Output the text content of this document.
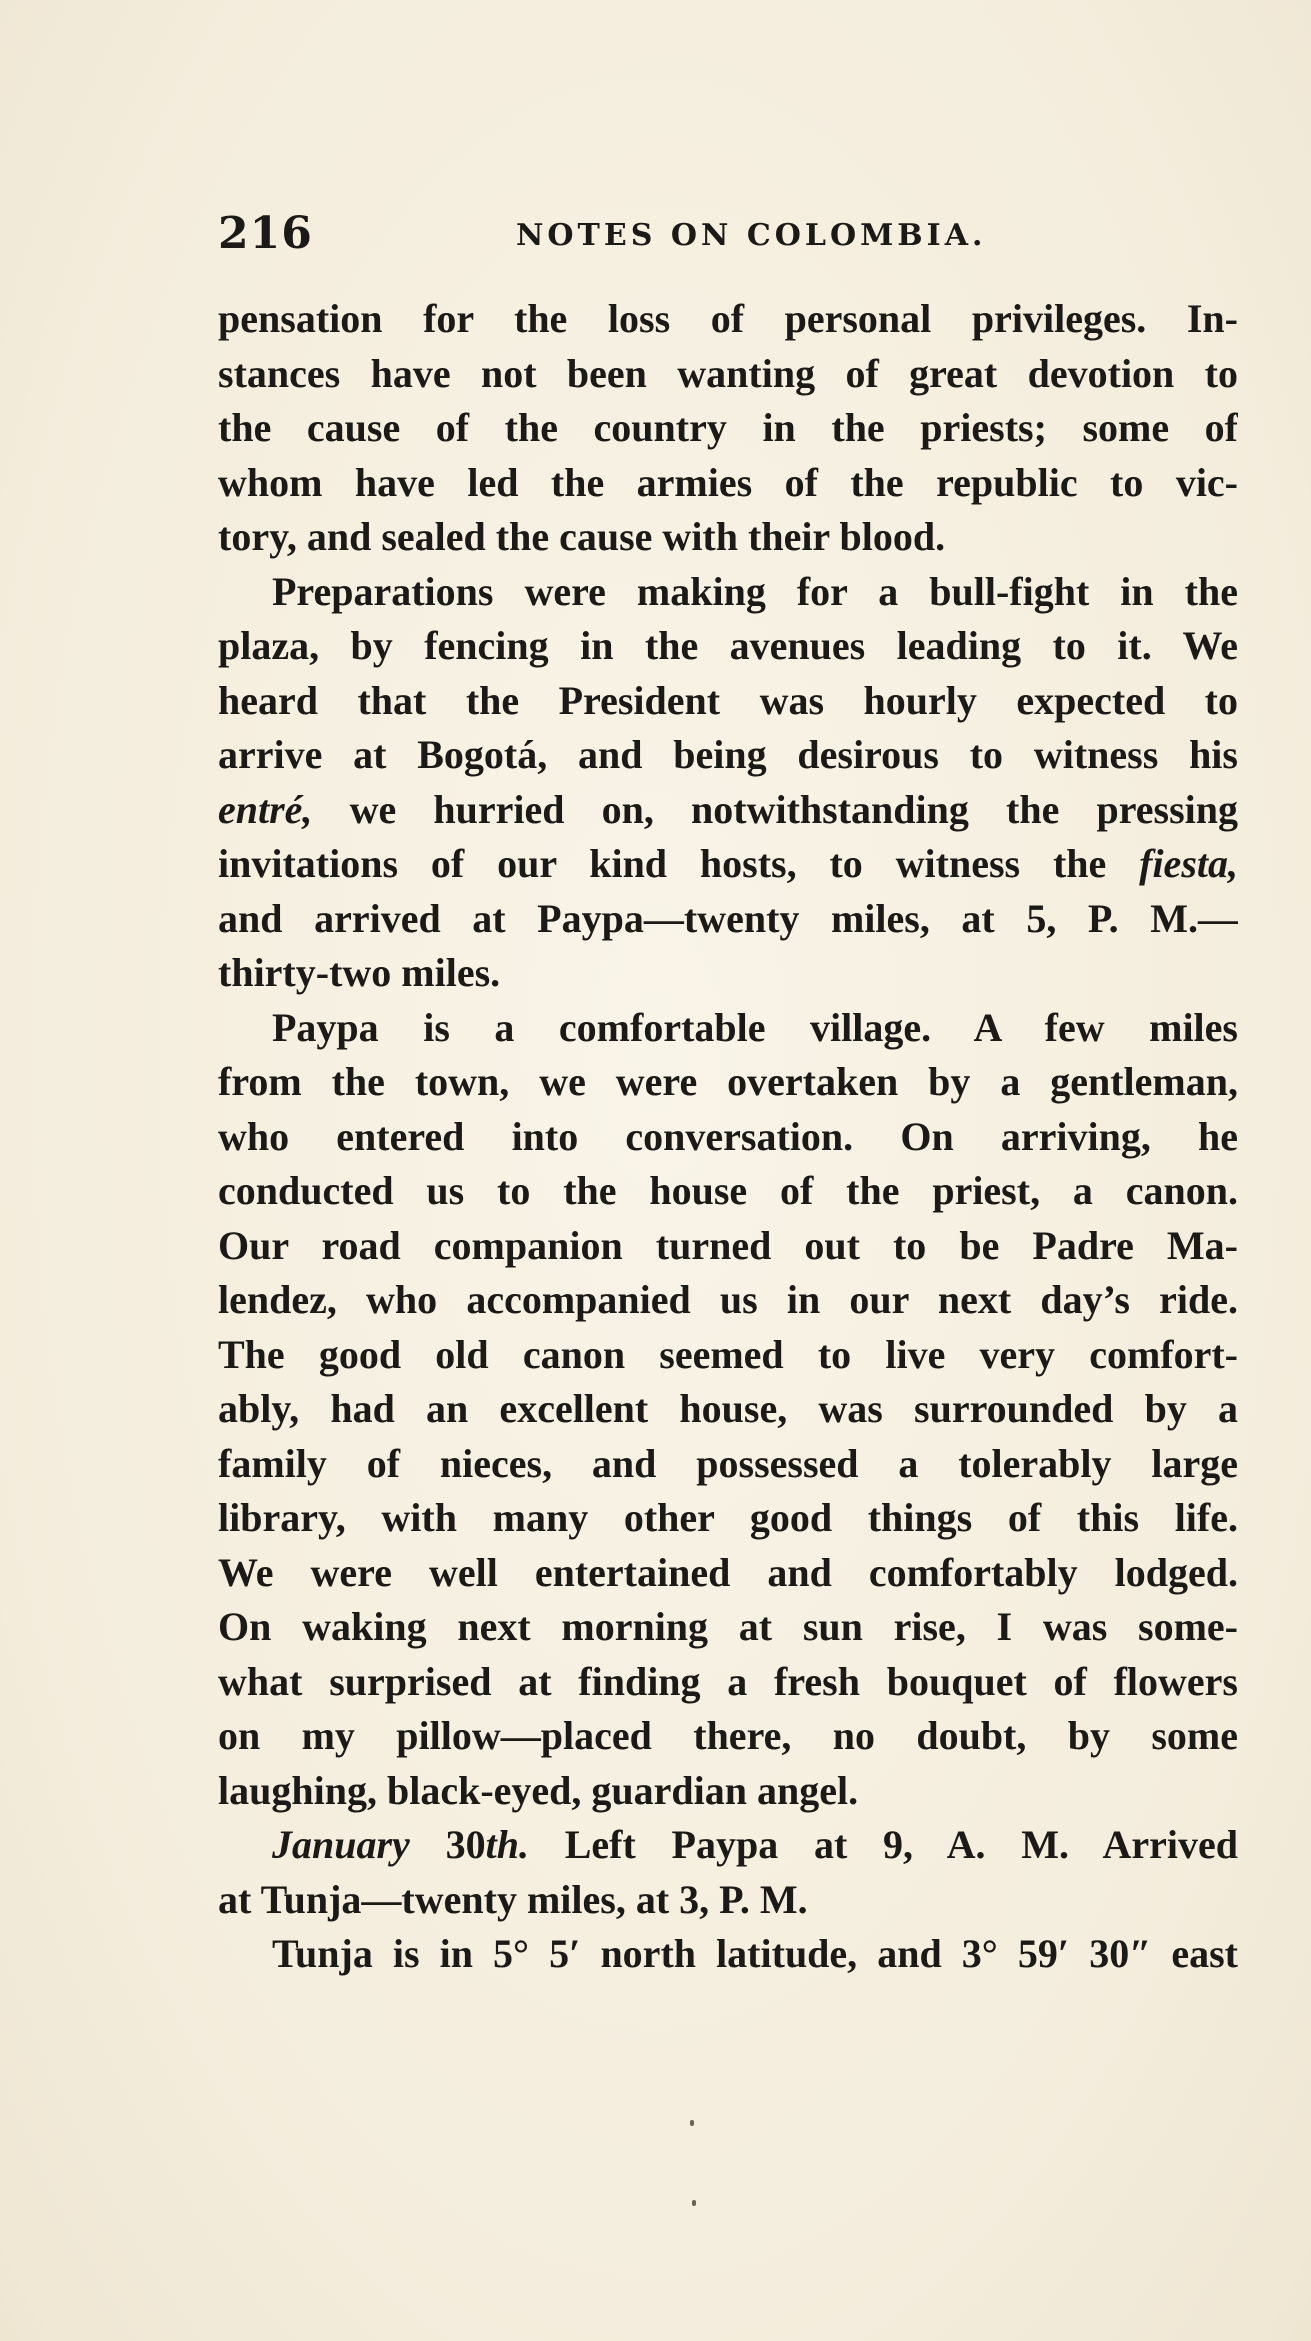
216	NOTES ON COLOMBIA.
pensation for the loss of personal privileges. In-
stances have not been wanting of great devotion to
the cause of the country in the priests; some of
whom have led the armies of the republic to vic-
tory, and sealed the cause with their blood.
Preparations were making for a bull-fight in the
plaza, by fencing in the avenues leading to it. We
heard that the President was hourly expected to
arrive at Bogotá, and being desirous to witness his
entré, we hurried on, notwithstanding the pressing
invitations of our kind hosts, to witness the fiesta,
and arrived at Paypa—twenty miles, at 5, P. M.—
thirty-two miles.
Paypa is a comfortable village. A few miles
from the town, we were overtaken by a gentleman,
who entered into conversation. On arriving, he
conducted us to the house of the priest, a canon.
Our road companion turned out to be Padre Ma-
lendez, who accompanied us in our next day’s ride.
The good old canon seemed to live very comfort-
ably, had an excellent house, was surrounded by a
family of nieces, and possessed a tolerably large
library, with many other good things of this life.
We were well entertained and comfortably lodged.
On waking next morning at sun rise, I was some-
what surprised at finding a fresh bouquet of flowers
on my pillow—placed there, no doubt, by some
laughing, black-eyed, guardian angel.
January 30th. Left Paypa at 9, A. M. Arrived
at Tunja—twenty miles, at 3, P. M.
Tunja is in 5° 5′ north latitude, and 3° 59′ 30″ east
